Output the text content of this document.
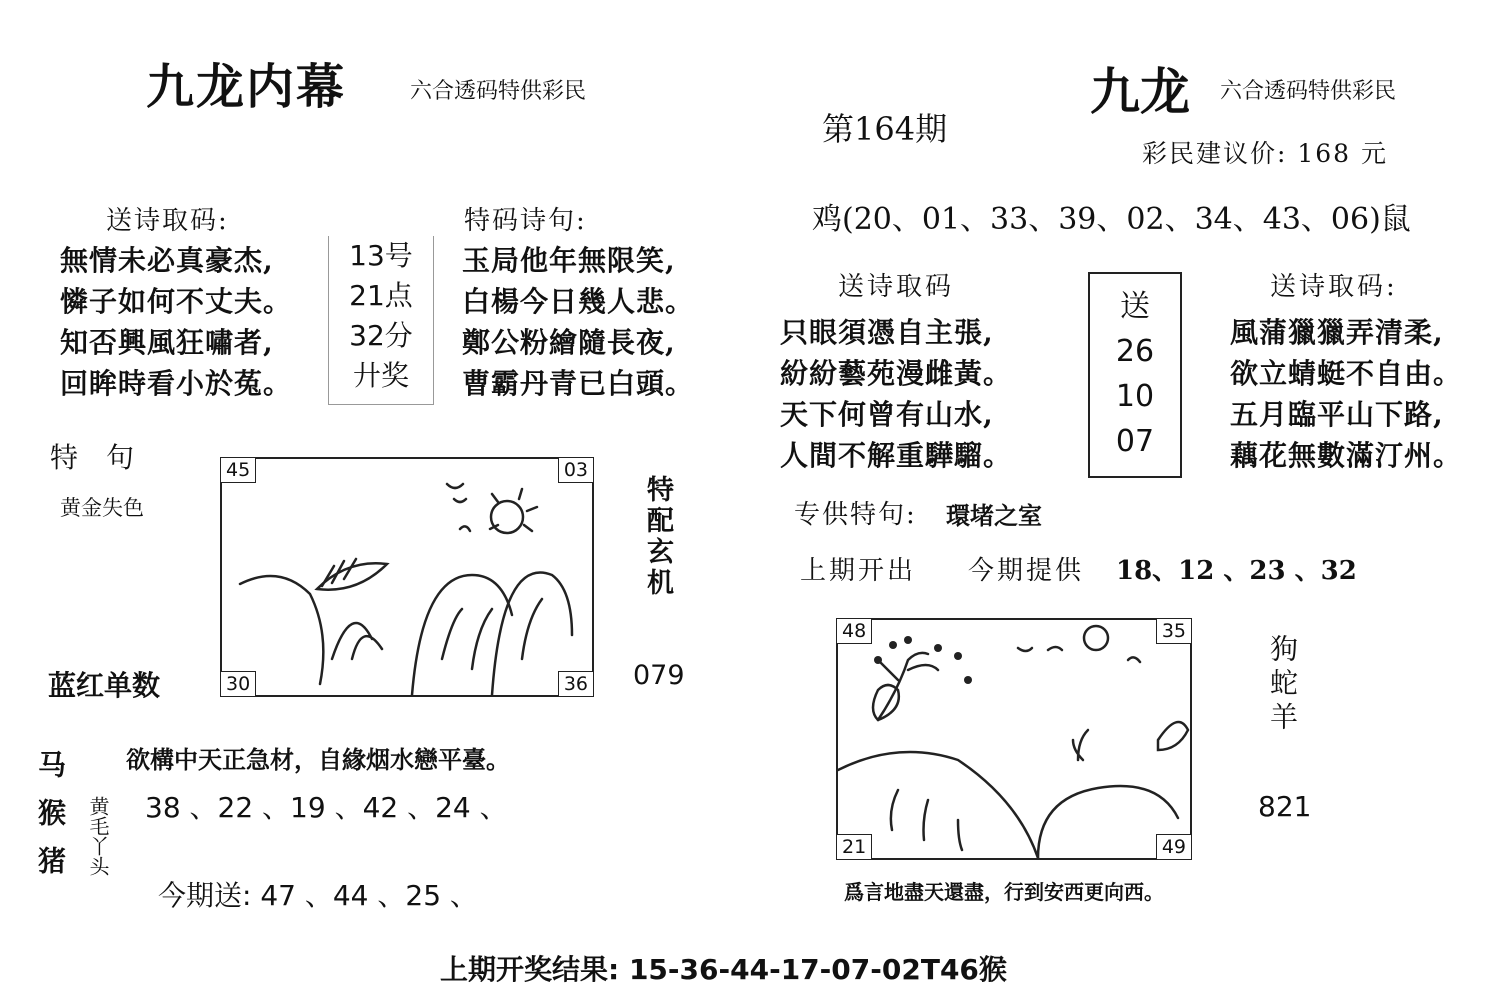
九龙内幕	六合透码特供彩民
送诗取码:
無情未必真豪杰,
憐子如何不丈夫。
知否興風狂嘯者,
回眸時看小於菟。
13号
21点
32分
廾奖
特码诗句:
玉局他年無限笑,
白楊今日幾人悲。
鄭公粉繪隨長夜,
曹霸丹青已白頭。
特　句
黄金失色
蓝红单数
45	03
30	36
特配玄机
079
马猴猪 欲構中天正急材，自緣烟水戀平臺。
黄毛丫头 38 、22 、19 、42 、24 、
今期送: 47 、44 、25 、
第164期
九龙 六合透码特供彩民
彩民建议价: 168 元
鸡(20、01、33、39、02、34、43、06)鼠
送诗取码
只眼須憑自主張,
紛紛藝苑漫雌黃。
天下何曾有山水,
人間不解重驊騮。
送
26
10
07
送诗取码:
風蒲獵獵弄清柔,
欲立蜻蜓不自由。
五月臨平山下路,
藕花無數滿汀州。
专供特句: 環堵之室
上期开出 今期提供 18、12 、23 、32
48	35
21	49
狗蛇羊
821
爲言地盡天還盡，行到安西更向西。
上期开奖结果: 15-36-44-17-07-02T46猴
